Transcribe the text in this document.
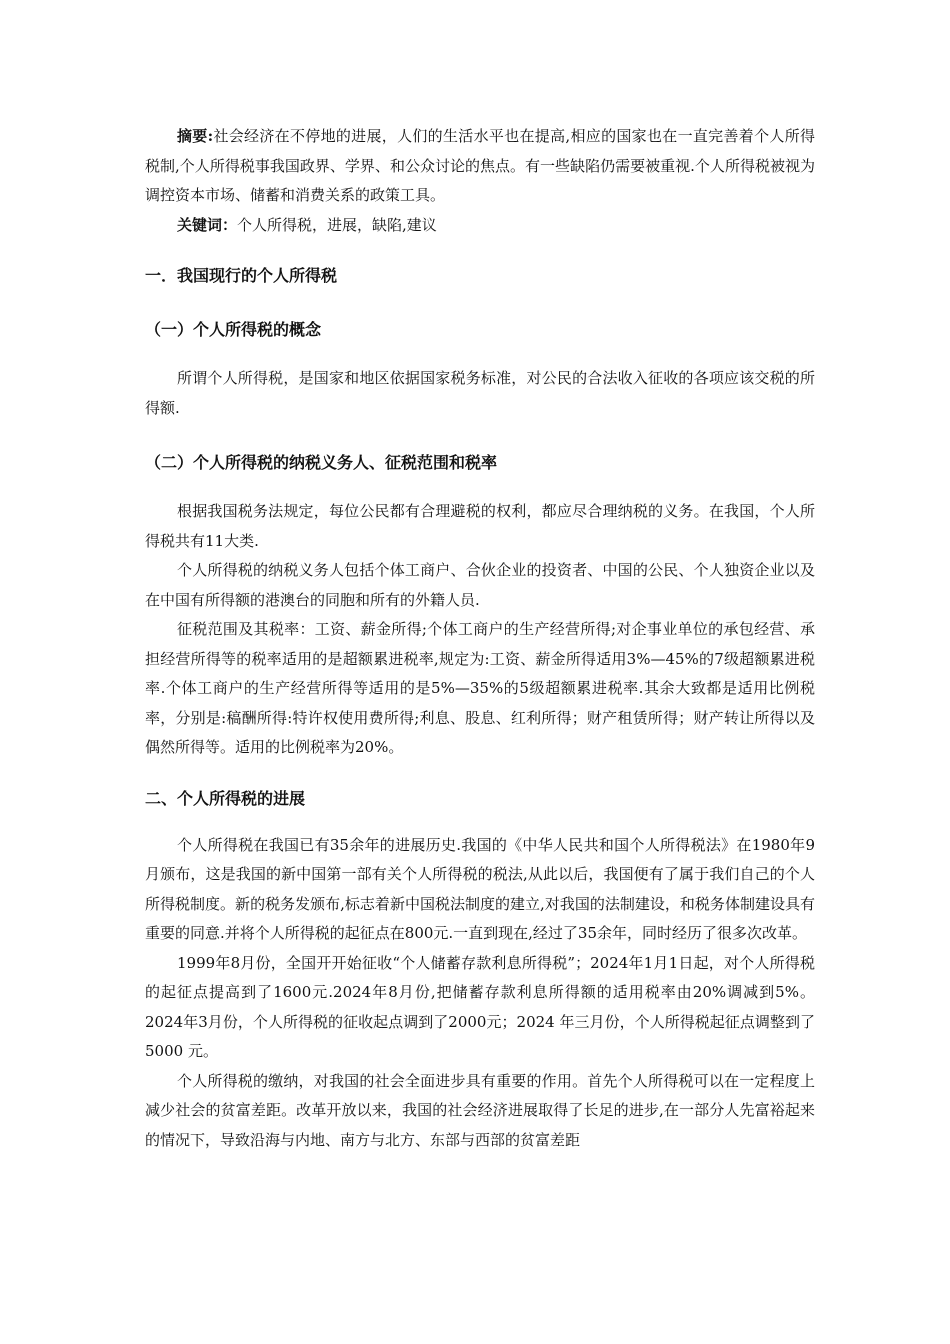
摘要:社会经济在不停地的进展，人们的生活水平也在提高,相应的国家也在一直完善着个人所得税制,个人所得税事我国政界、学界、和公众讨论的焦点。有一些缺陷仍需要被重视.个人所得税被视为调控资本市场、储蓄和消费关系的政策工具。

关键词：个人所得税，进展，缺陷,建议

一．我国现行的个人所得税
（一）个人所得税的概念

所谓个人所得税，是国家和地区依据国家税务标准，对公民的合法收入征收的各项应该交税的所得额.

（二）个人所得税的纳税义务人、征税范围和税率

根据我国税务法规定，每位公民都有合理避税的权利，都应尽合理纳税的义务。在我国，个人所得税共有11大类.

个人所得税的纳税义务人包括个体工商户、合伙企业的投资者、中国的公民、个人独资企业以及在中国有所得额的港澳台的同胞和所有的外籍人员.

征税范围及其税率：工资、薪金所得;个体工商户的生产经营所得;对企事业单位的承包经营、承担经营所得等的税率适用的是超额累进税率,规定为:工资、薪金所得适用3%—45%的7级超额累进税率.个体工商户的生产经营所得等适用的是5%—35%的5级超额累进税率.其余大致都是适用比例税率，分别是:稿酬所得:特许权使用费所得;利息、股息、红利所得；财产租赁所得；财产转让所得以及偶然所得等。适用的比例税率为20%。

二、个人所得税的进展

个人所得税在我国已有35余年的进展历史.我国的《中华人民共和国个人所得税法》在1980年9月颁布，这是我国的新中国第一部有关个人所得税的税法,从此以后，我国便有了属于我们自己的个人所得税制度。新的税务发颁布,标志着新中国税法制度的建立,对我国的法制建设，和税务体制建设具有重要的同意.并将个人所得税的起征点在800元.一直到现在,经过了35余年，同时经历了很多次改革。

1999年8月份，全国开开始征收“个人储蓄存款利息所得税”；2024年1月1日起，对个人所得税的起征点提高到了1600元.2024年8月份,把储蓄存款利息所得额的适用税率由20%调减到5%。2024年3月份，个人所得税的征收起点调到了2000元；2024 年三月份，个人所得税起征点调整到了5000 元。

个人所得税的缴纳，对我国的社会全面进步具有重要的作用。首先个人所得税可以在一定程度上减少社会的贫富差距。改革开放以来，我国的社会经济进展取得了长足的进步,在一部分人先富裕起来的情况下，导致沿海与内地、南方与北方、东部与西部的贫富差距
